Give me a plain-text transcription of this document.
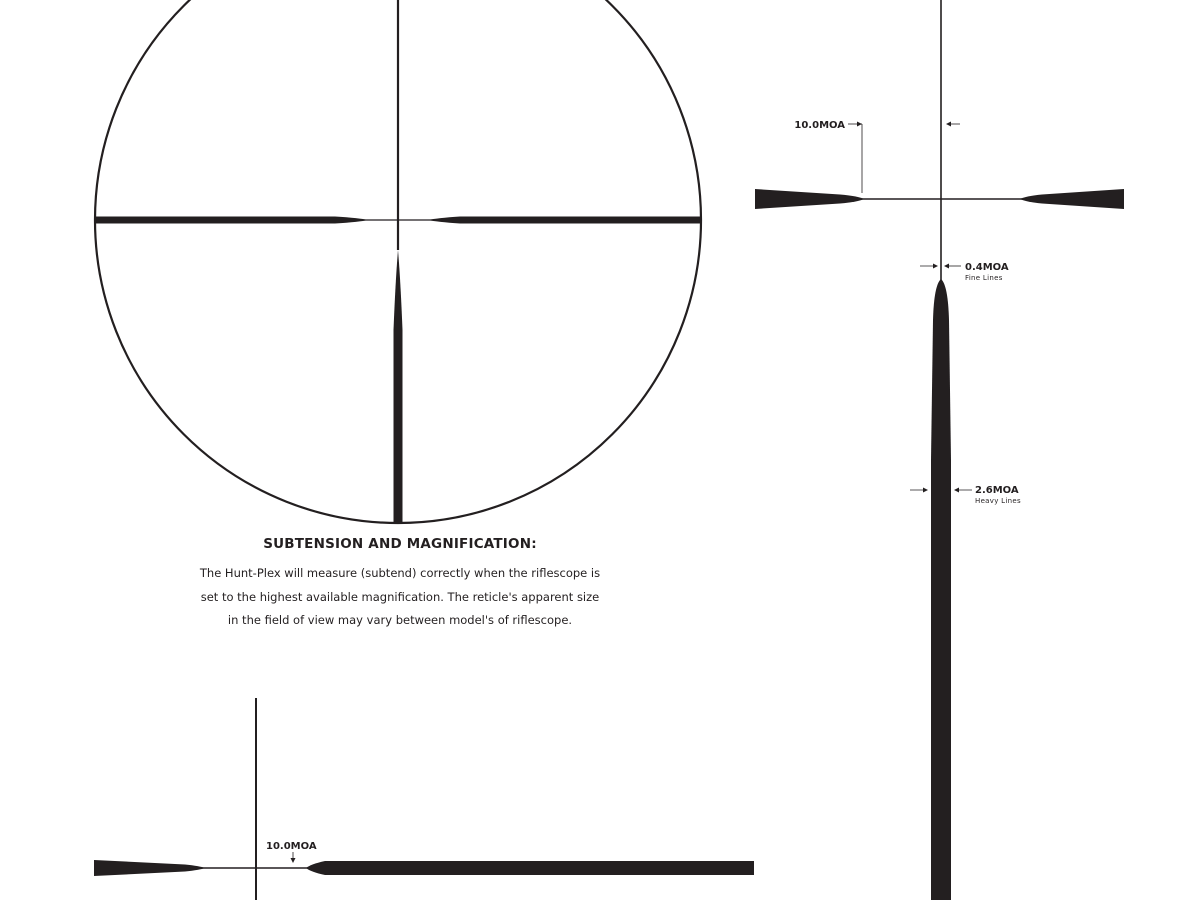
10.0MOA
0.4MOA
Fine Lines
2.6MOA
Heavy Lines
10.0MOA
SUBTENSION AND MAGNIFICATION:

The Hunt-Plex will measure (subtend) correctly when the riflescope is set to the highest available magnification. The reticle's apparent size in the field of view may vary between model's of riflescope.
